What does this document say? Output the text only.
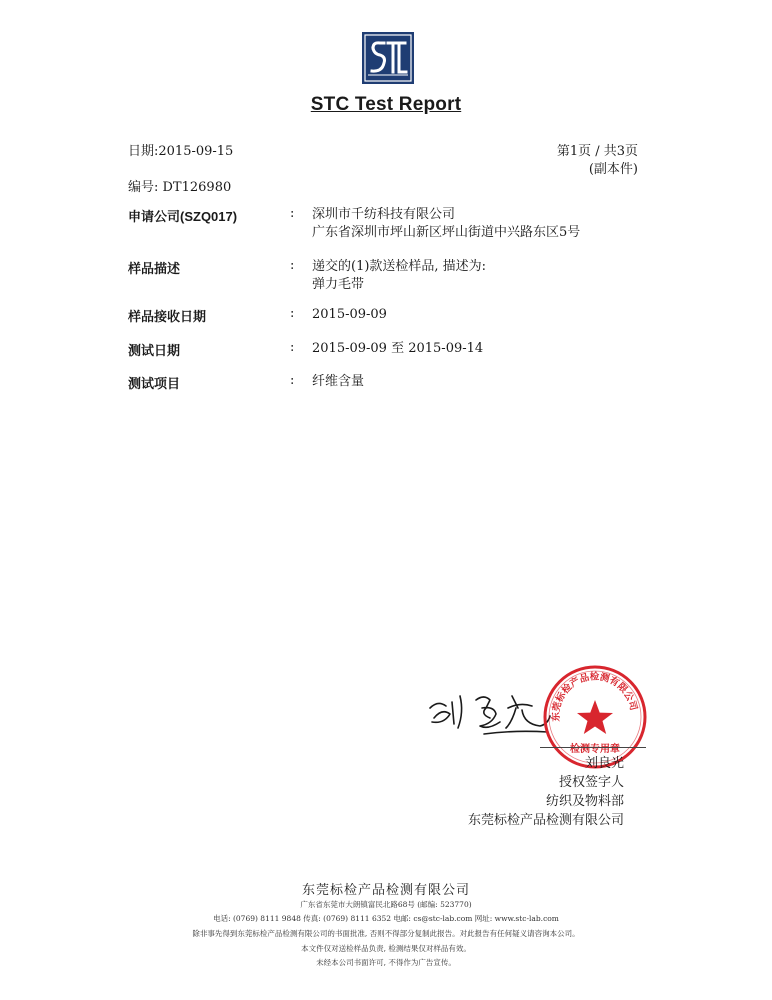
STC Test Report
日期:2015-09-15	第1页 / 共3页
(副本件)
编号: DT126980
申请公司(SZQ017)	: 深圳市千纺科技有限公司
广东省深圳市坪山新区坪山街道中兴路东区5号
样品描述	: 递交的(1)款送检样品, 描述为:
弹力毛带
样品接收日期	: 2015-09-09
测试日期	: 2015-09-09 至 2015-09-14
测试项目	: 纤维含量
东莞标检产品检测有限公司
检测专用章
刘良光
授权签字人
纺织及物料部
东莞标检产品检测有限公司
东莞标检产品检测有限公司
广东省东莞市大朗镇富民北路68号 (邮编: 523770)
电话: (0769) 8111 9848 传真: (0769) 8111 6352 电邮: cs@stc-lab.com 网址: www.stc-lab.com
除非事先得到东莞标检产品检测有限公司的书面批准, 否则不得部分复制此报告。对此报告有任何疑义请咨询本公司。
本文件仅对送检样品负责, 检测结果仅对样品有效。
未经本公司书面许可, 不得作为广告宣传。
